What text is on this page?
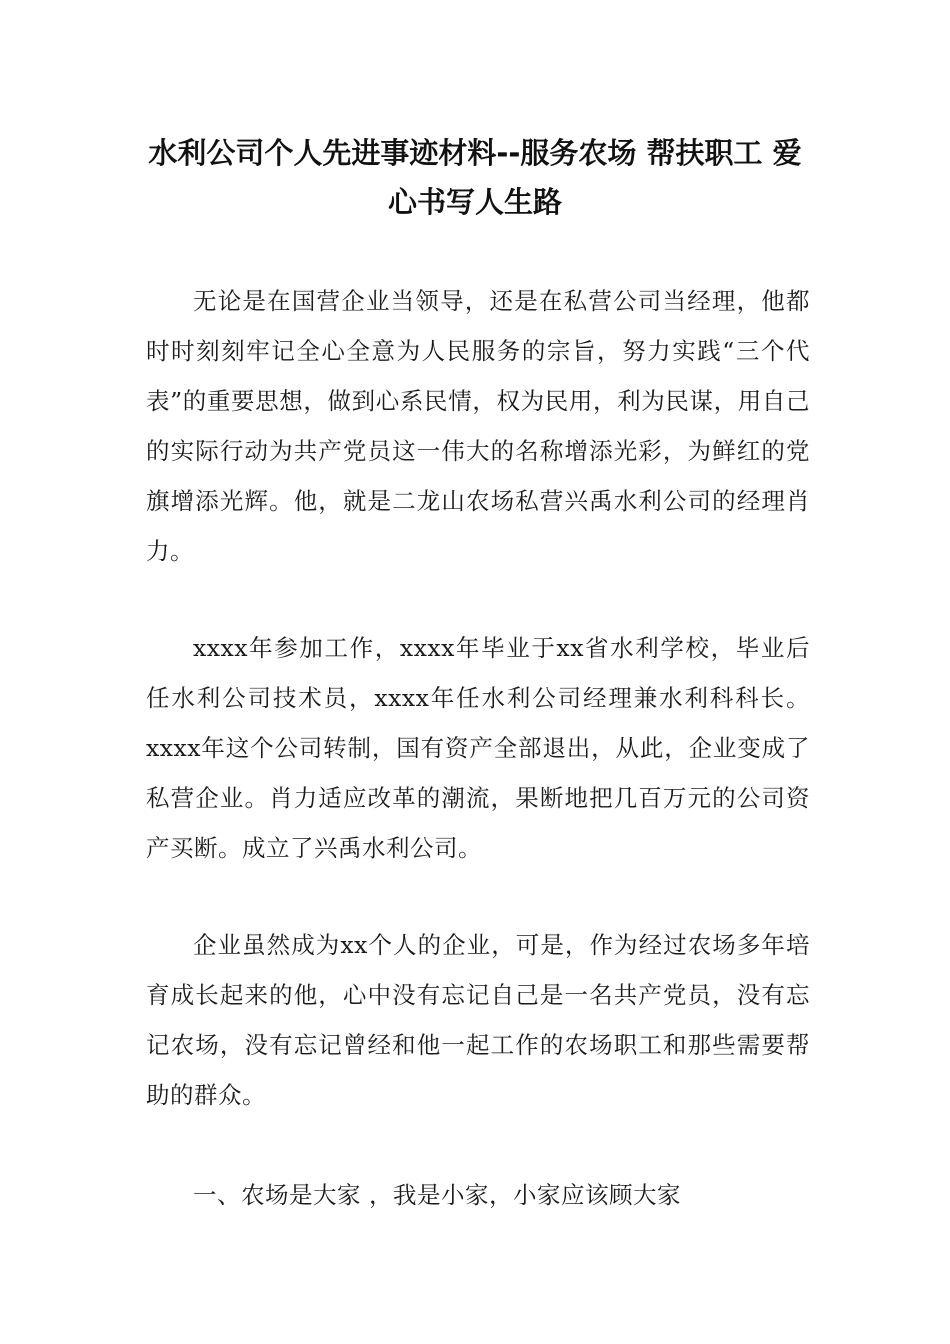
水利公司个人先进事迹材料--服务农场 帮扶职工 爱
心书写人生路

无论是在国营企业当领导，还是在私营公司当经理，他都时时刻刻牢记全心全意为人民服务的宗旨，努力实践“三个代表”的重要思想，做到心系民情，权为民用，利为民谋，用自己的实际行动为共产党员这一伟大的名称增添光彩，为鲜红的党旗增添光辉。他，就是二龙山农场私营兴禹水利公司的经理肖力。

xxxx年参加工作，xxxx年毕业于xx省水利学校，毕业后任水利公司技术员，xxxx年任水利公司经理兼水利科科长。xxxx年这个公司转制，国有资产全部退出，从此，企业变成了私营企业。肖力适应改革的潮流，果断地把几百万元的公司资产买断。成立了兴禹水利公司。

企业虽然成为xx个人的企业，可是，作为经过农场多年培育成长起来的他，心中没有忘记自己是一名共产党员，没有忘记农场，没有忘记曾经和他一起工作的农场职工和那些需要帮助的群众。

一、农场是大家 ，我是小家，小家应该顾大家
